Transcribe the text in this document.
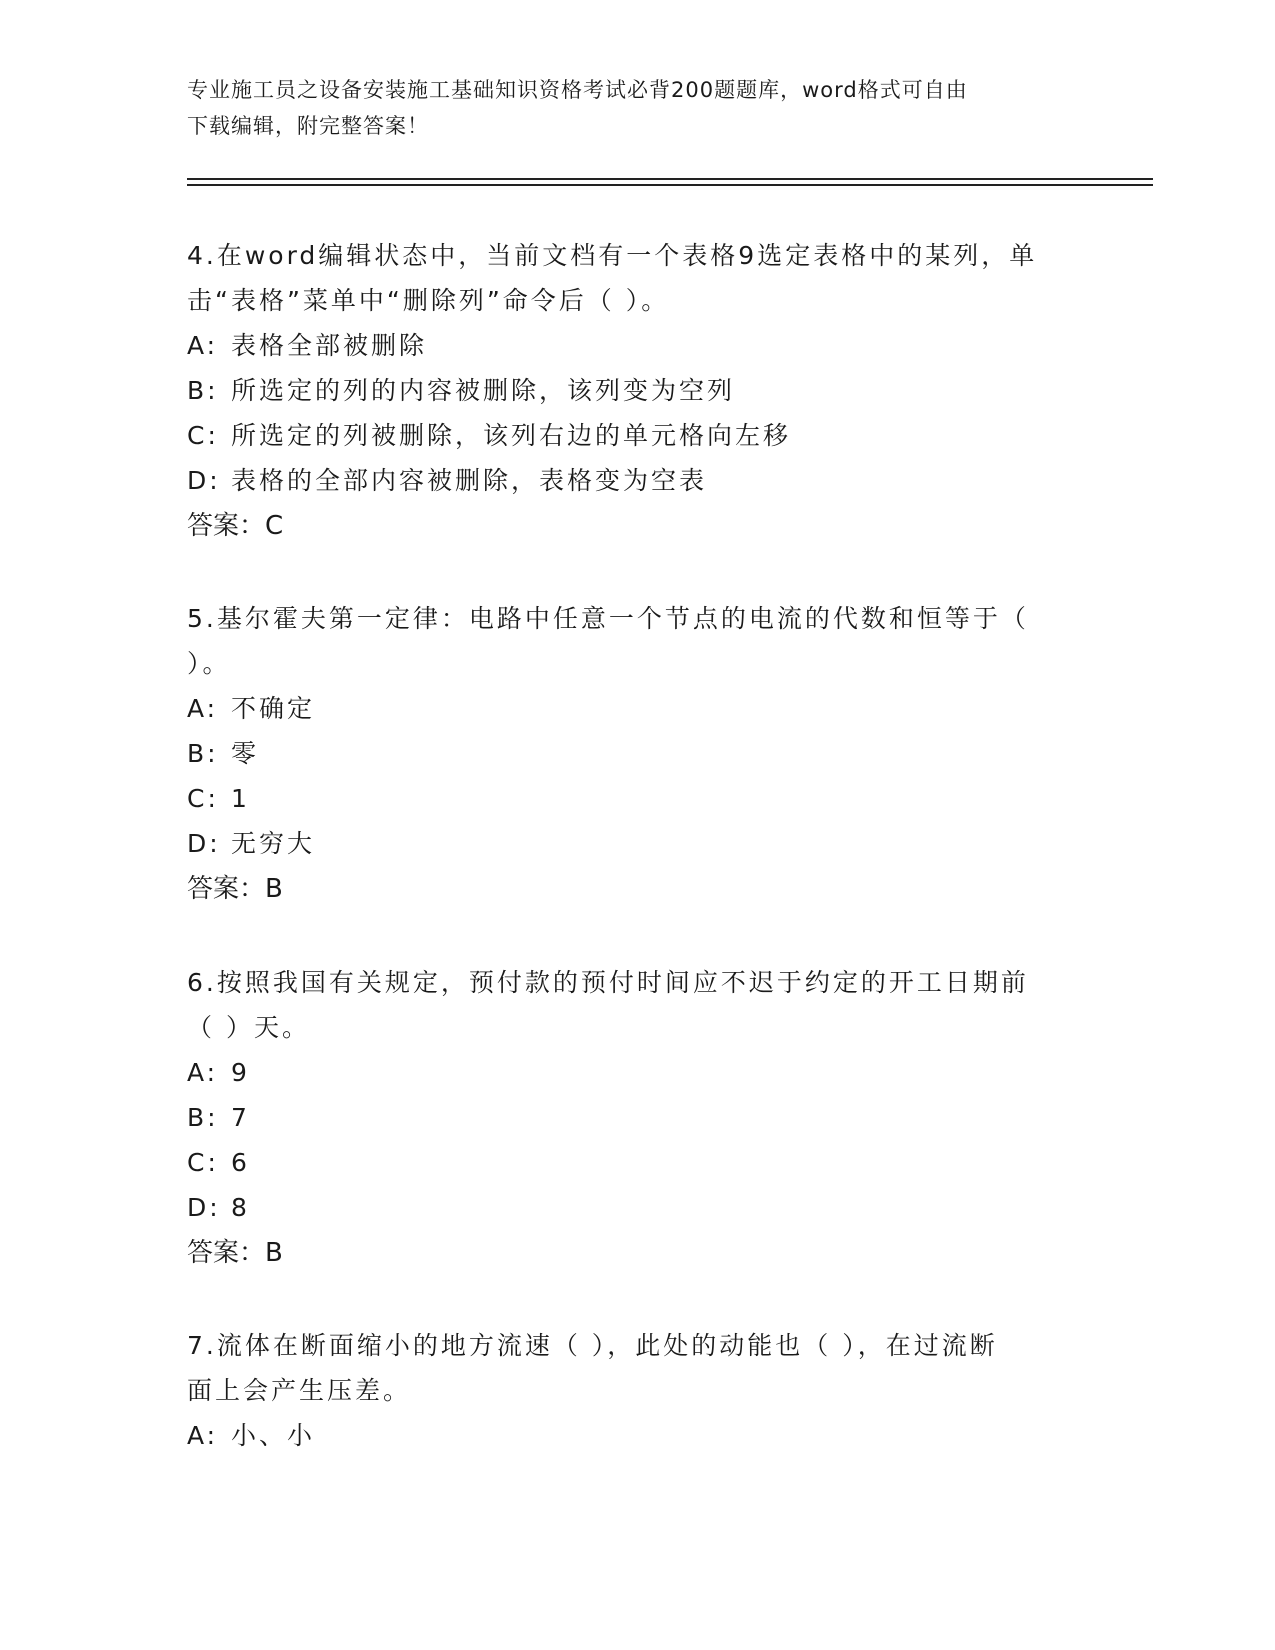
专业施工员之设备安装施工基础知识资格考试必背200题题库，word格式可自由
下载编辑，附完整答案！

4.在word编辑状态中，当前文档有一个表格9选定表格中的某列，单

击“表格”菜单中“删除列”命令后（ ）。

A: 表格全部被删除

B: 所选定的列的内容被删除，该列变为空列

C: 所选定的列被删除，该列右边的单元格向左移

D: 表格的全部内容被删除，表格变为空表

答案：C

5.基尔霍夫第一定律：电路中任意一个节点的电流的代数和恒等于（

）。

A: 不确定

B: 零

C: 1

D: 无穷大

答案：B

6.按照我国有关规定，预付款的预付时间应不迟于约定的开工日期前

（ ）天。

A: 9

B: 7

C: 6

D: 8

答案：B

7.流体在断面缩小的地方流速（ ），此处的动能也（ ），在过流断

面上会产生压差。

A: 小、小
